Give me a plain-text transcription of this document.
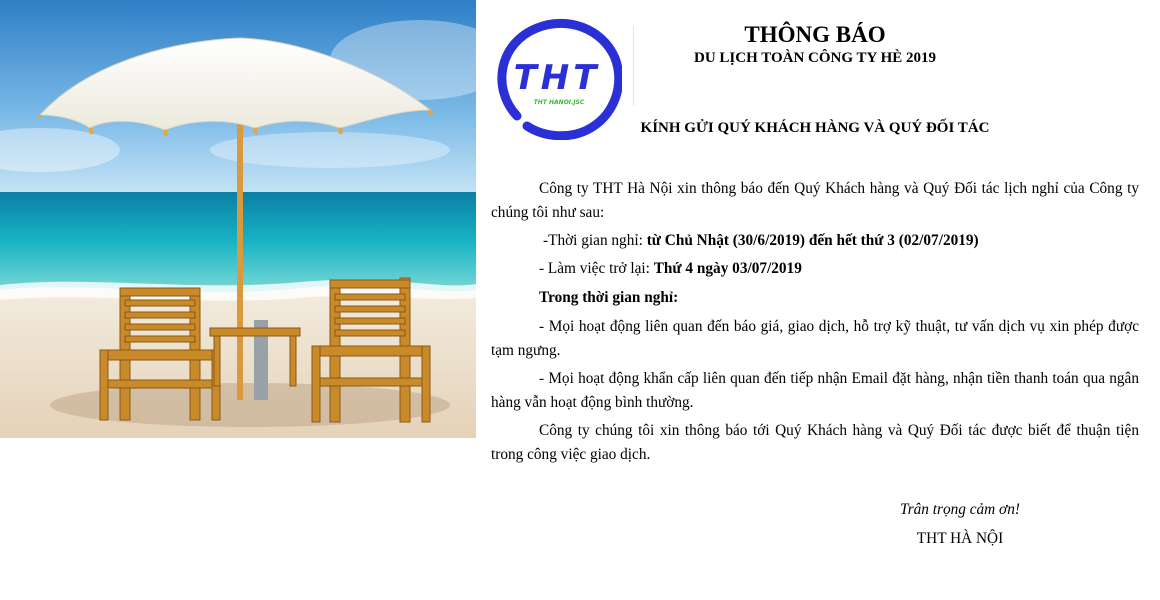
THT
THT HANOI.JSC
THÔNG BÁO
DU LỊCH TOÀN CÔNG TY HÈ 2019
KÍNH GỬI QUÝ KHÁCH HÀNG VÀ QUÝ ĐỐI TÁC
Công ty THT Hà Nội xin thông báo đến Quý Khách hàng và Quý Đối tác lịch nghỉ của Công ty chúng tôi như sau:
-Thời gian nghỉ: từ Chủ Nhật (30/6/2019) đến hết thứ 3 (02/07/2019)
- Làm việc trở lại: Thứ 4 ngày 03/07/2019
Trong thời gian nghỉ:
- Mọi hoạt động liên quan đến báo giá, giao dịch, hỗ trợ kỹ thuật, tư vấn dịch vụ xin phép được tạm ngưng.
- Mọi hoạt động khẩn cấp liên quan đến tiếp nhận Email đặt hàng, nhận tiền thanh toán qua ngân hàng vẫn hoạt động bình thường.
Công ty chúng tôi xin thông báo tới Quý Khách hàng và Quý Đối tác được biết để thuận tiện trong công việc giao dịch.
Trân trọng cảm ơn!
THT HÀ NỘI
